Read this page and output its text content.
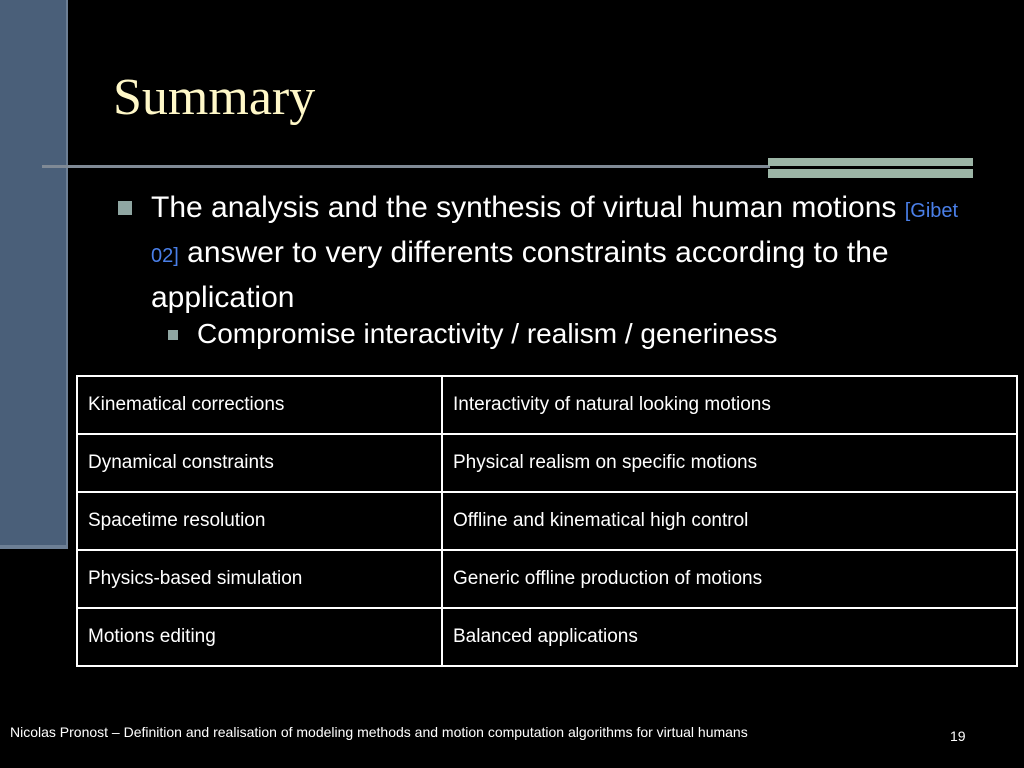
Summary
The analysis and the synthesis of virtual human motions [Gibet 02] answer to very differents constraints according to the application
Compromise interactivity / realism / generiness
Kinematical corrections	Interactivity of natural looking motions
Dynamical constraints	Physical realism on specific motions
Spacetime resolution	Offline and kinematical high control
Physics-based simulation	Generic offline production of motions
Motions editing	Balanced applications
Nicolas Pronost – Definition and realisation of modeling methods and motion computation algorithms for virtual humans	19
